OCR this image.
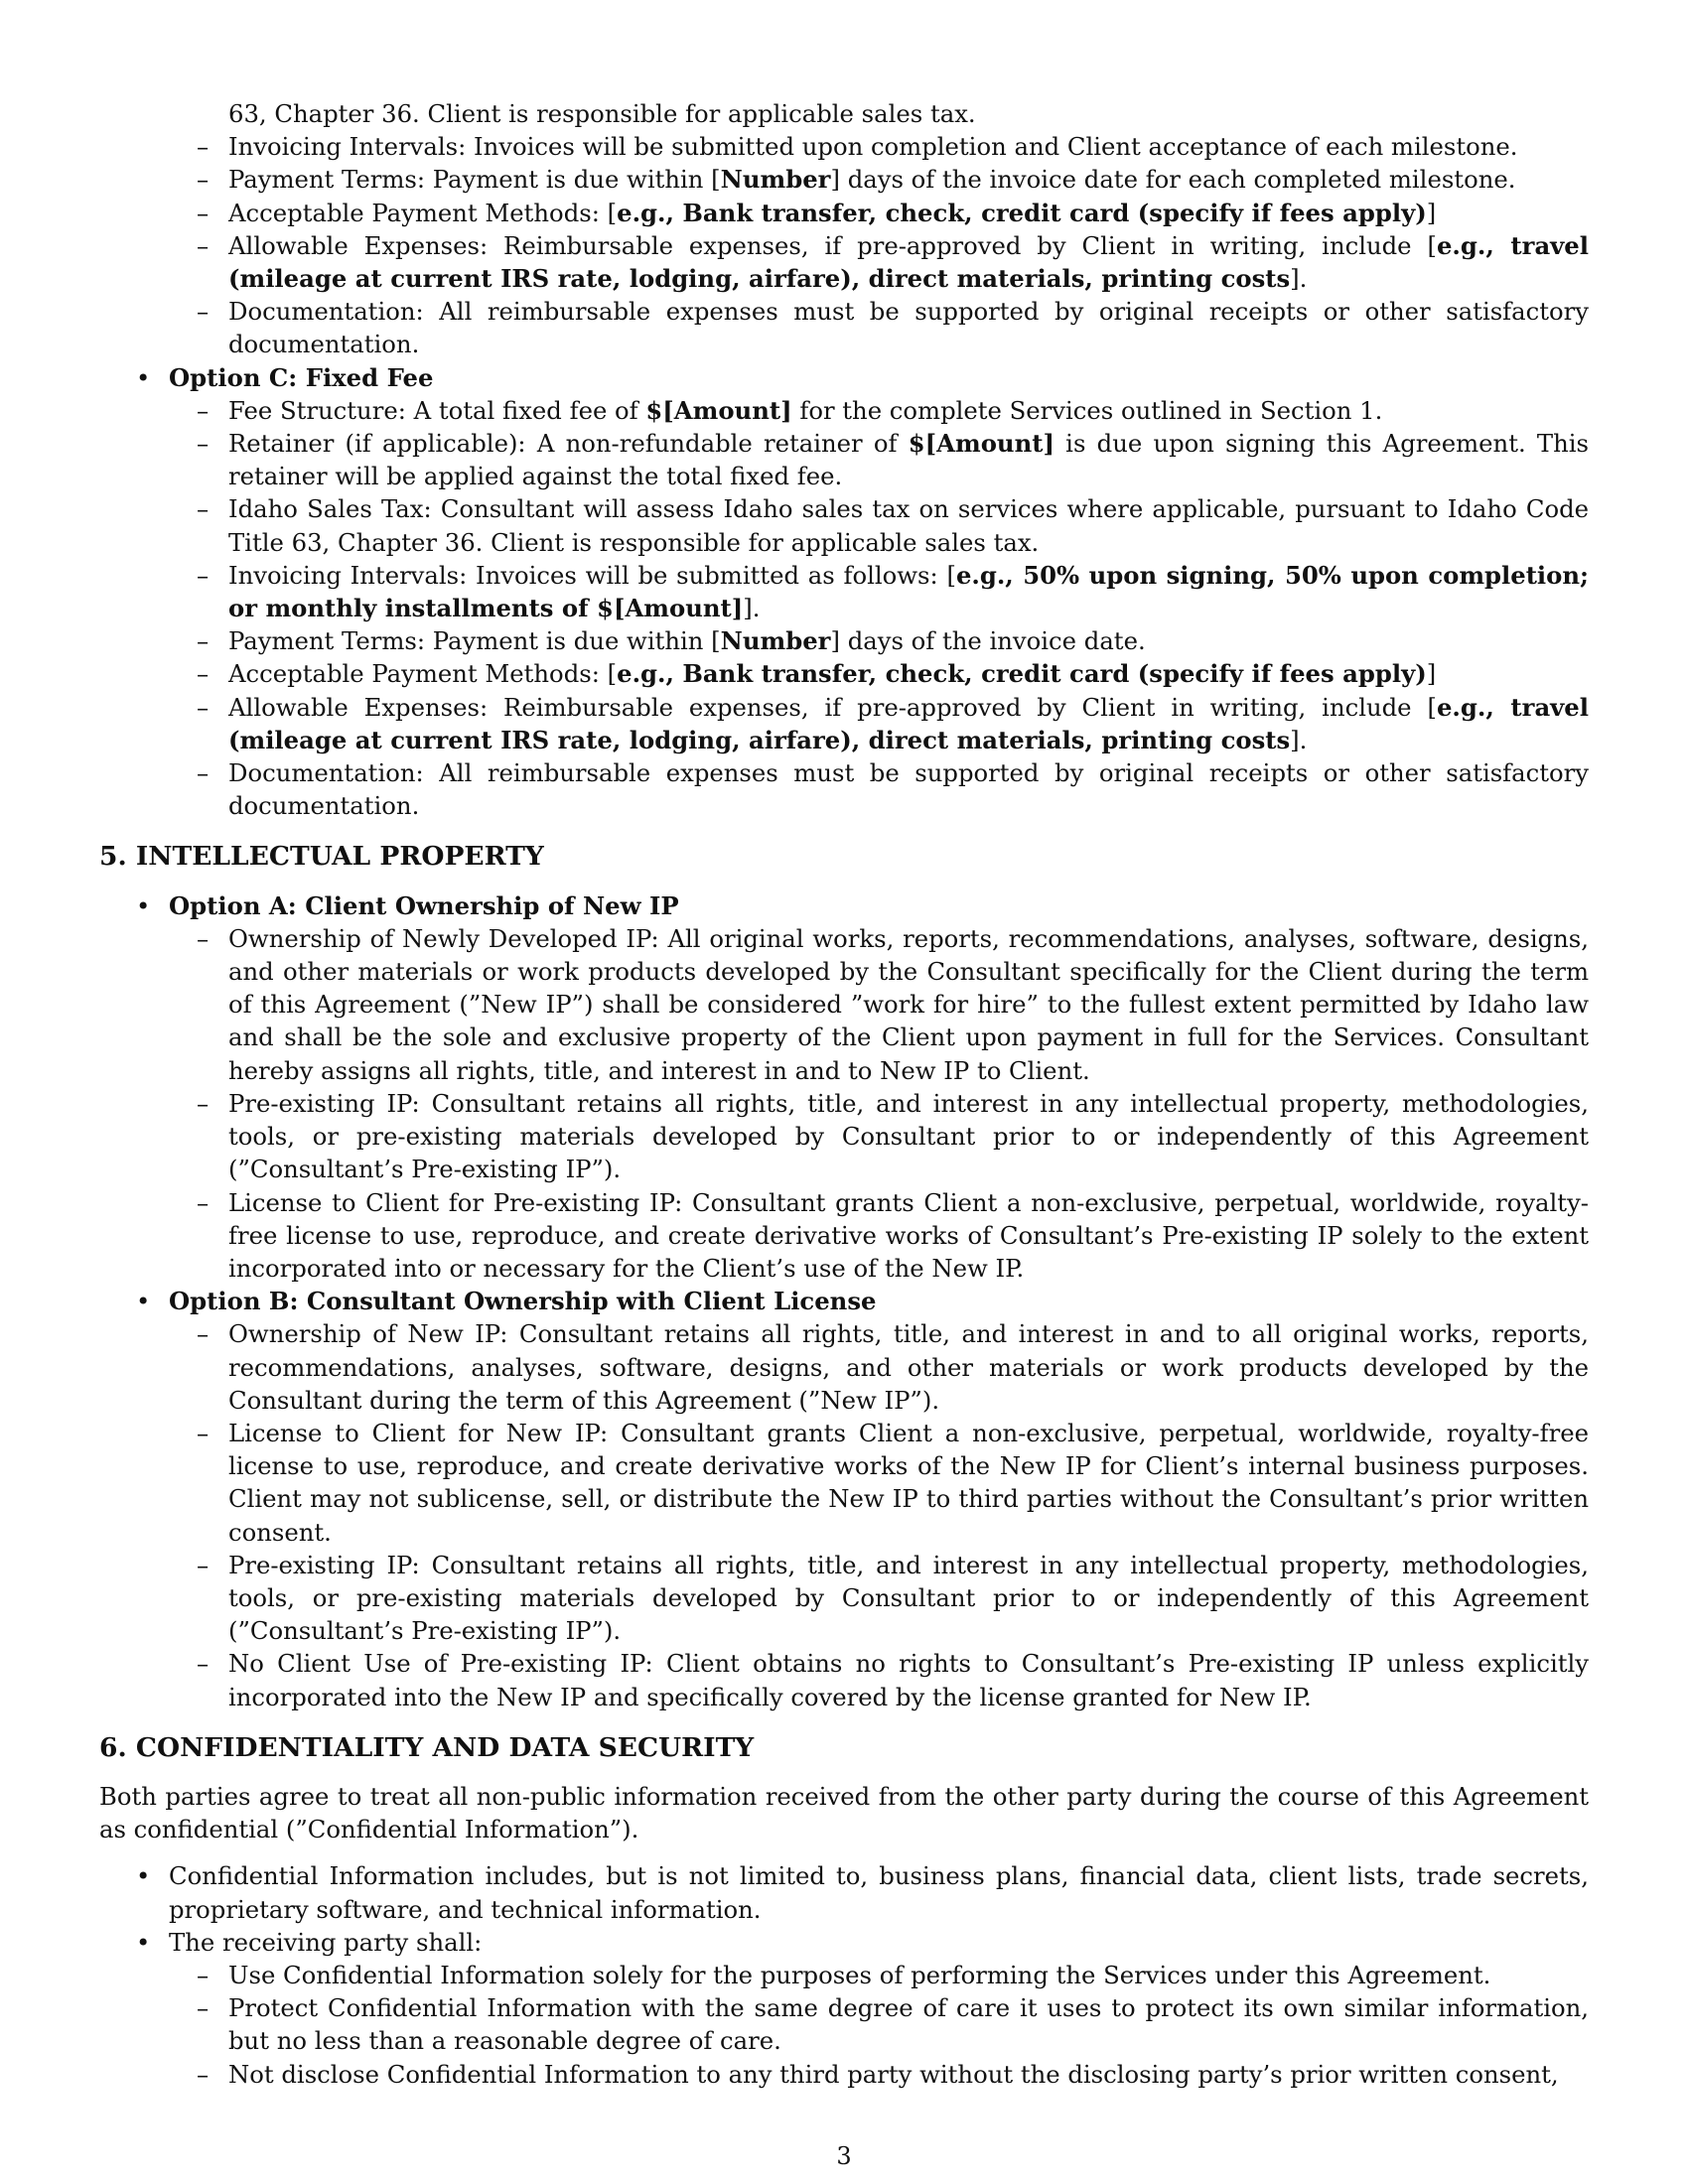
63, Chapter 36. Client is responsible for applicable sales tax.
– Invoicing Intervals: Invoices will be submitted upon completion and Client acceptance of each milestone.
– Payment Terms: Payment is due within [Number] days of the invoice date for each completed milestone.
– Acceptable Payment Methods: [e.g., Bank transfer, check, credit card (specify if fees apply)]
– Allowable Expenses: Reimbursable expenses, if pre-approved by Client in writing, include [e.g., travel (mileage at current IRS rate, lodging, airfare), direct materials, printing costs].
– Documentation: All reimbursable expenses must be supported by original receipts or other satisfactory documentation.
• Option C: Fixed Fee
– Fee Structure: A total fixed fee of $[Amount] for the complete Services outlined in Section 1.
– Retainer (if applicable): A non-refundable retainer of $[Amount] is due upon signing this Agreement. This retainer will be applied against the total fixed fee.
– Idaho Sales Tax: Consultant will assess Idaho sales tax on services where applicable, pursuant to Idaho Code Title 63, Chapter 36. Client is responsible for applicable sales tax.
– Invoicing Intervals: Invoices will be submitted as follows: [e.g., 50% upon signing, 50% upon completion; or monthly installments of $[Amount]].
– Payment Terms: Payment is due within [Number] days of the invoice date.
– Acceptable Payment Methods: [e.g., Bank transfer, check, credit card (specify if fees apply)]
– Allowable Expenses: Reimbursable expenses, if pre-approved by Client in writing, include [e.g., travel (mileage at current IRS rate, lodging, airfare), direct materials, printing costs].
– Documentation: All reimbursable expenses must be supported by original receipts or other satisfactory documentation.
5. INTELLECTUAL PROPERTY
• Option A: Client Ownership of New IP
– Ownership of Newly Developed IP: All original works, reports, recommendations, analyses, software, designs, and other materials or work products developed by the Consultant specifically for the Client during the term of this Agreement (”New IP”) shall be considered ”work for hire” to the fullest extent permitted by Idaho law and shall be the sole and exclusive property of the Client upon payment in full for the Services. Consultant hereby assigns all rights, title, and interest in and to New IP to Client.
– Pre-existing IP: Consultant retains all rights, title, and interest in any intellectual property, methodologies, tools, or pre-existing materials developed by Consultant prior to or independently of this Agreement (”Consultant’s Pre-existing IP”).
– License to Client for Pre-existing IP: Consultant grants Client a non-exclusive, perpetual, worldwide, royalty-free license to use, reproduce, and create derivative works of Consultant’s Pre-existing IP solely to the extent incorporated into or necessary for the Client’s use of the New IP.
• Option B: Consultant Ownership with Client License
– Ownership of New IP: Consultant retains all rights, title, and interest in and to all original works, reports, recommendations, analyses, software, designs, and other materials or work products developed by the Consultant during the term of this Agreement (”New IP”).
– License to Client for New IP: Consultant grants Client a non-exclusive, perpetual, worldwide, royalty-free license to use, reproduce, and create derivative works of the New IP for Client’s internal business purposes. Client may not sublicense, sell, or distribute the New IP to third parties without the Consultant’s prior written consent.
– Pre-existing IP: Consultant retains all rights, title, and interest in any intellectual property, methodologies, tools, or pre-existing materials developed by Consultant prior to or independently of this Agreement (”Consultant’s Pre-existing IP”).
– No Client Use of Pre-existing IP: Client obtains no rights to Consultant’s Pre-existing IP unless explicitly incorporated into the New IP and specifically covered by the license granted for New IP.
6. CONFIDENTIALITY AND DATA SECURITY
Both parties agree to treat all non-public information received from the other party during the course of this Agreement as confidential (”Confidential Information”).
• Confidential Information includes, but is not limited to, business plans, financial data, client lists, trade secrets, proprietary software, and technical information.
• The receiving party shall:
– Use Confidential Information solely for the purposes of performing the Services under this Agreement.
– Protect Confidential Information with the same degree of care it uses to protect its own similar information, but no less than a reasonable degree of care.
– Not disclose Confidential Information to any third party without the disclosing party’s prior written consent,
3
